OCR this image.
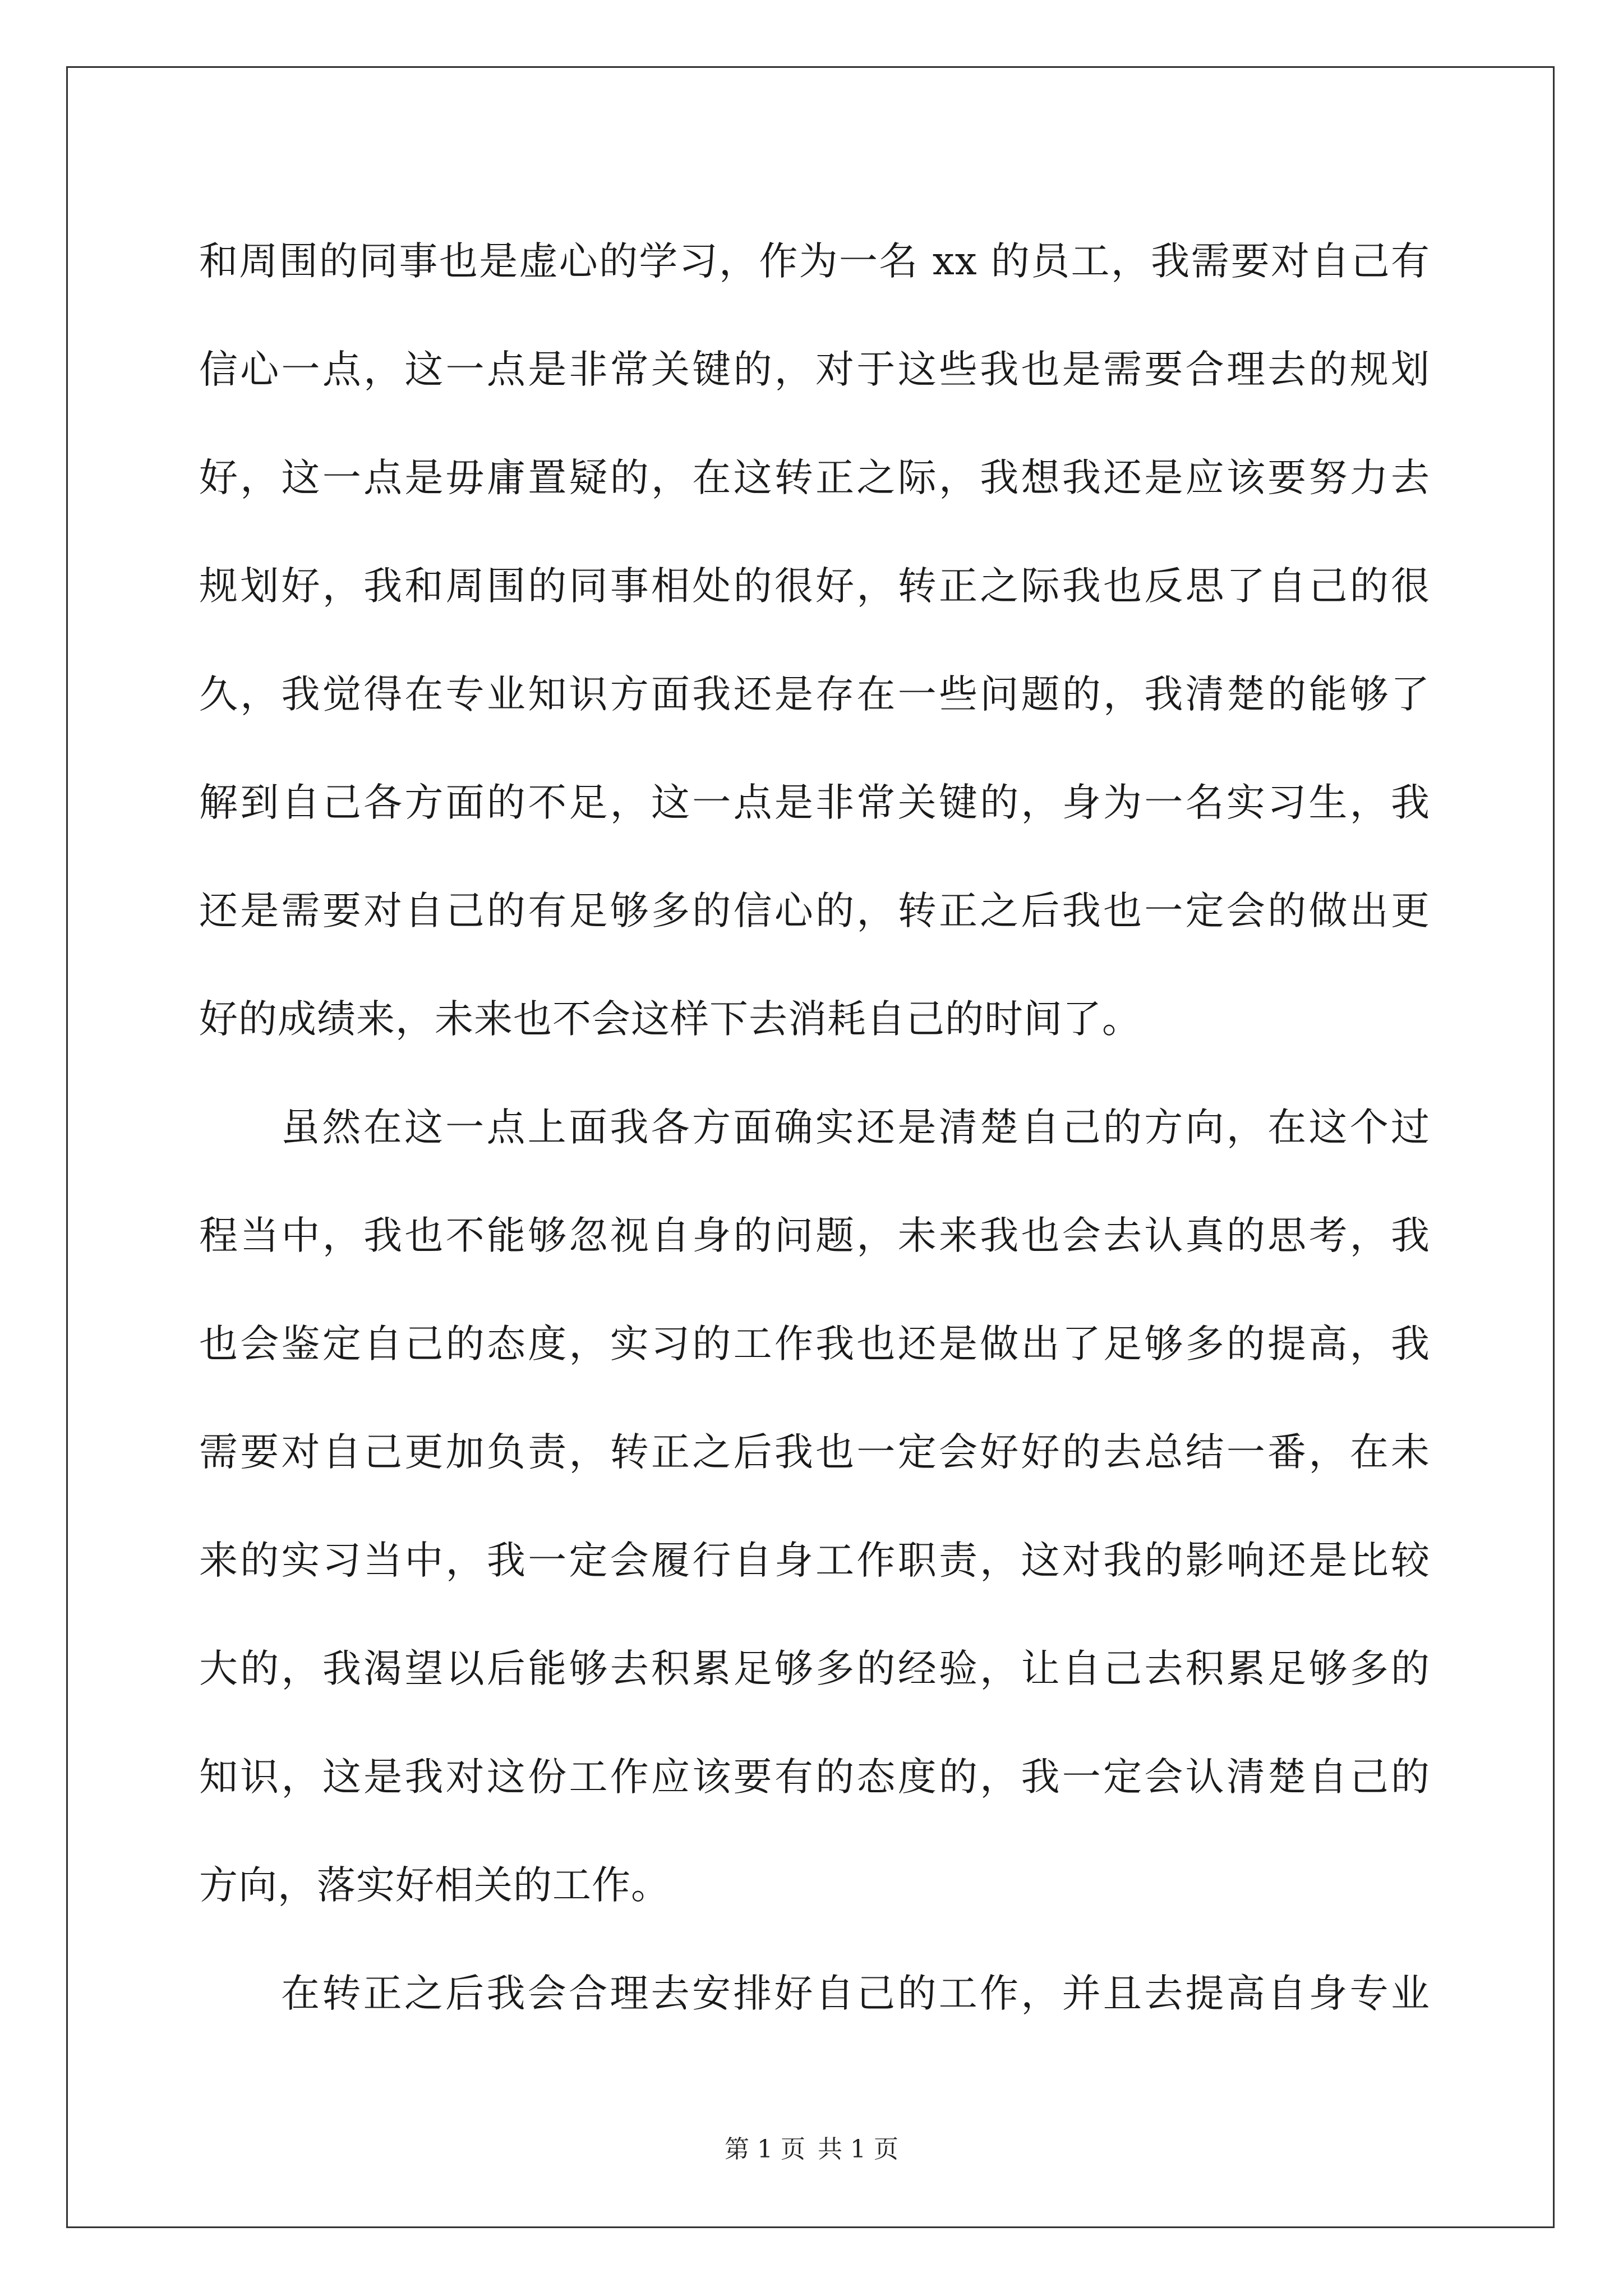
和周围的同事也是虚心的学习，作为一名 xx 的员工，我需要对自己有
信心一点，这一点是非常关键的，对于这些我也是需要合理去的规划
好，这一点是毋庸置疑的，在这转正之际，我想我还是应该要努力去
规划好，我和周围的同事相处的很好，转正之际我也反思了自己的很
久，我觉得在专业知识方面我还是存在一些问题的，我清楚的能够了
解到自己各方面的不足，这一点是非常关键的，身为一名实习生，我
还是需要对自己的有足够多的信心的，转正之后我也一定会的做出更
好的成绩来，未来也不会这样下去消耗自己的时间了。

虽然在这一点上面我各方面确实还是清楚自己的方向，在这个过
程当中，我也不能够忽视自身的问题，未来我也会去认真的思考，我
也会鉴定自己的态度，实习的工作我也还是做出了足够多的提高，我
需要对自己更加负责，转正之后我也一定会好好的去总结一番，在未
来的实习当中，我一定会履行自身工作职责，这对我的影响还是比较
大的，我渴望以后能够去积累足够多的经验，让自己去积累足够多的
知识，这是我对这份工作应该要有的态度的，我一定会认清楚自己的
方向，落实好相关的工作。

在转正之后我会合理去安排好自己的工作，并且去提高自身专业

第 1 页 共 1 页
